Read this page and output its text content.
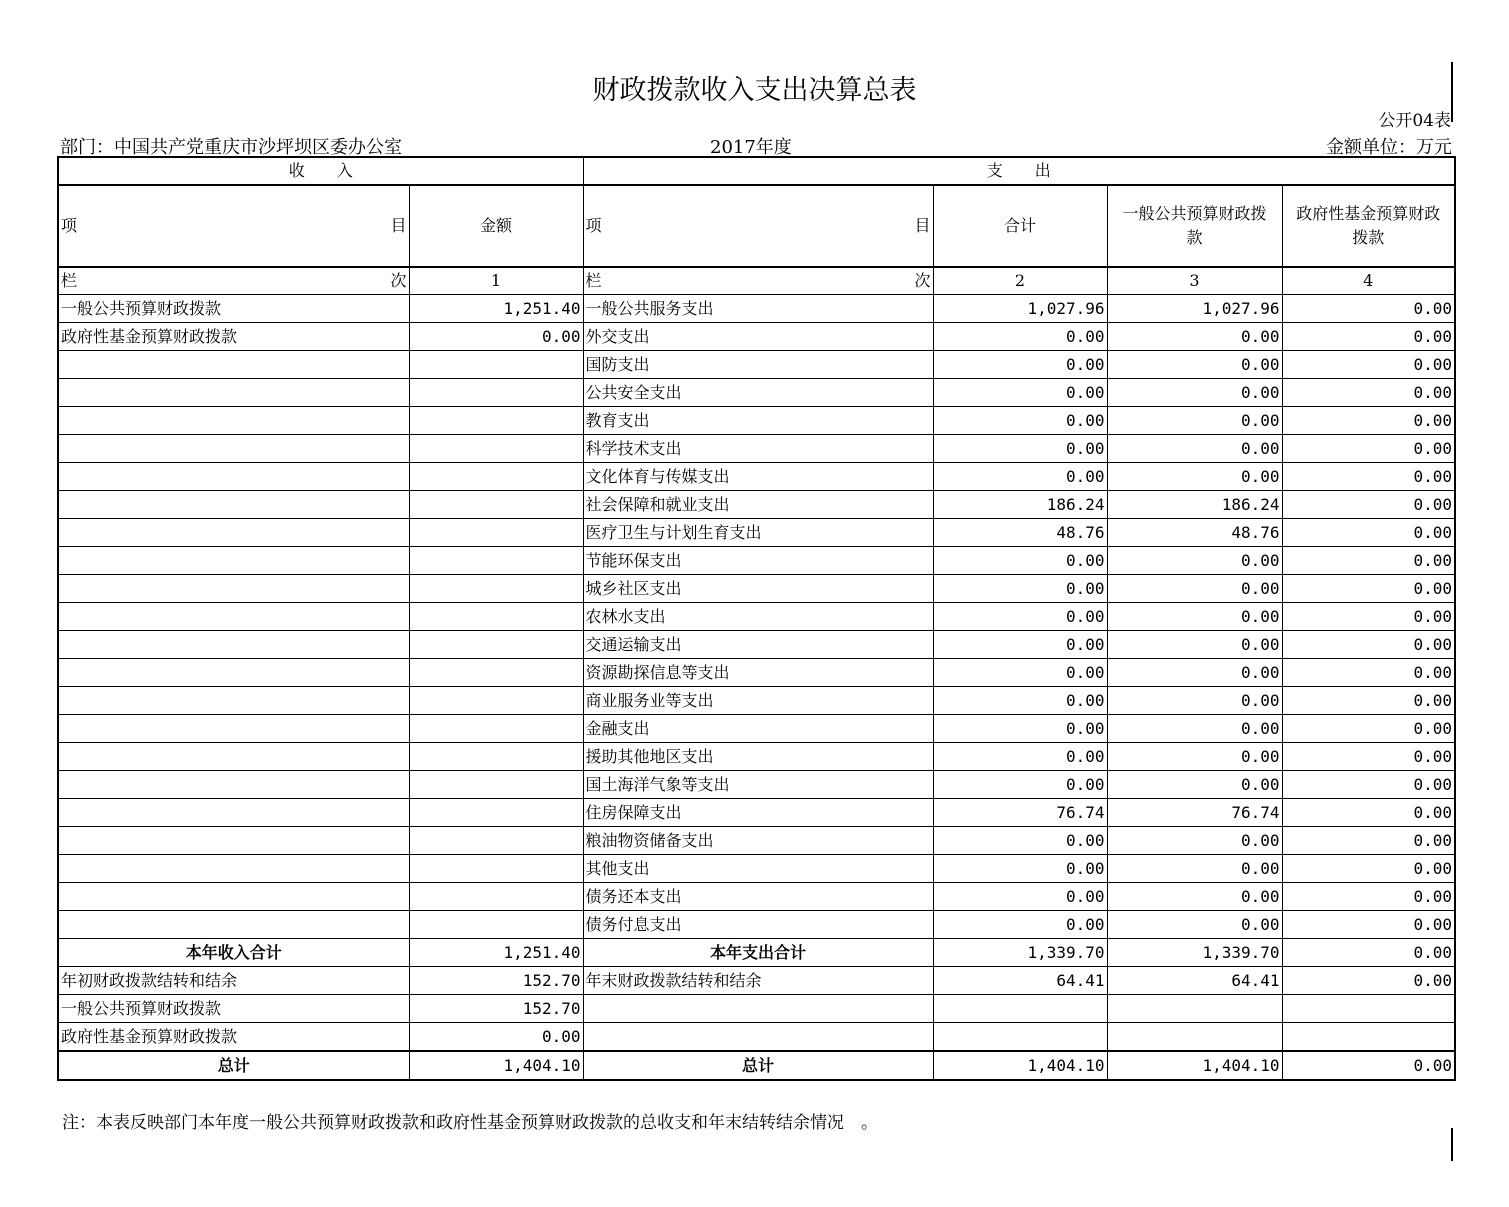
财政拨款收入支出决算总表
公开04表
部门：中国共产党重庆市沙坪坝区委办公室	2017年度	金额单位：万元
收　　入		支　　出			

项 目	金额	项 目	合计	一般公共预算财政拨款	政府性基金预算财政拨款

栏 次	1	栏 次	2	3	4
一般公共预算财政拨款	1,251.40	一般公共服务支出	1,027.96	1,027.96	0.00
政府性基金预算财政拨款	0.00	外交支出	0.00	0.00	0.00
		国防支出	0.00	0.00	0.00
		公共安全支出	0.00	0.00	0.00
		教育支出	0.00	0.00	0.00
		科学技术支出	0.00	0.00	0.00
		文化体育与传媒支出	0.00	0.00	0.00
		社会保障和就业支出	186.24	186.24	0.00
		医疗卫生与计划生育支出	48.76	48.76	0.00
		节能环保支出	0.00	0.00	0.00
		城乡社区支出	0.00	0.00	0.00
		农林水支出	0.00	0.00	0.00
		交通运输支出	0.00	0.00	0.00
		资源勘探信息等支出	0.00	0.00	0.00
		商业服务业等支出	0.00	0.00	0.00
		金融支出	0.00	0.00	0.00
		援助其他地区支出	0.00	0.00	0.00
		国土海洋气象等支出	0.00	0.00	0.00
		住房保障支出	76.74	76.74	0.00
		粮油物资储备支出	0.00	0.00	0.00
		其他支出	0.00	0.00	0.00
		债务还本支出	0.00	0.00	0.00
		债务付息支出	0.00	0.00	0.00
本年收入合计	1,251.40	本年支出合计	1,339.70	1,339.70	0.00
年初财政拨款结转和结余	152.70	年末财政拨款结转和结余	64.41	64.41	0.00
一般公共预算财政拨款	152.70				
政府性基金预算财政拨款	0.00				
总计	1,404.10	总计	1,404.10	1,404.10	0.00
注：本表反映部门本年度一般公共预算财政拨款和政府性基金预算财政拨款的总收支和年末结转结余情况　。
